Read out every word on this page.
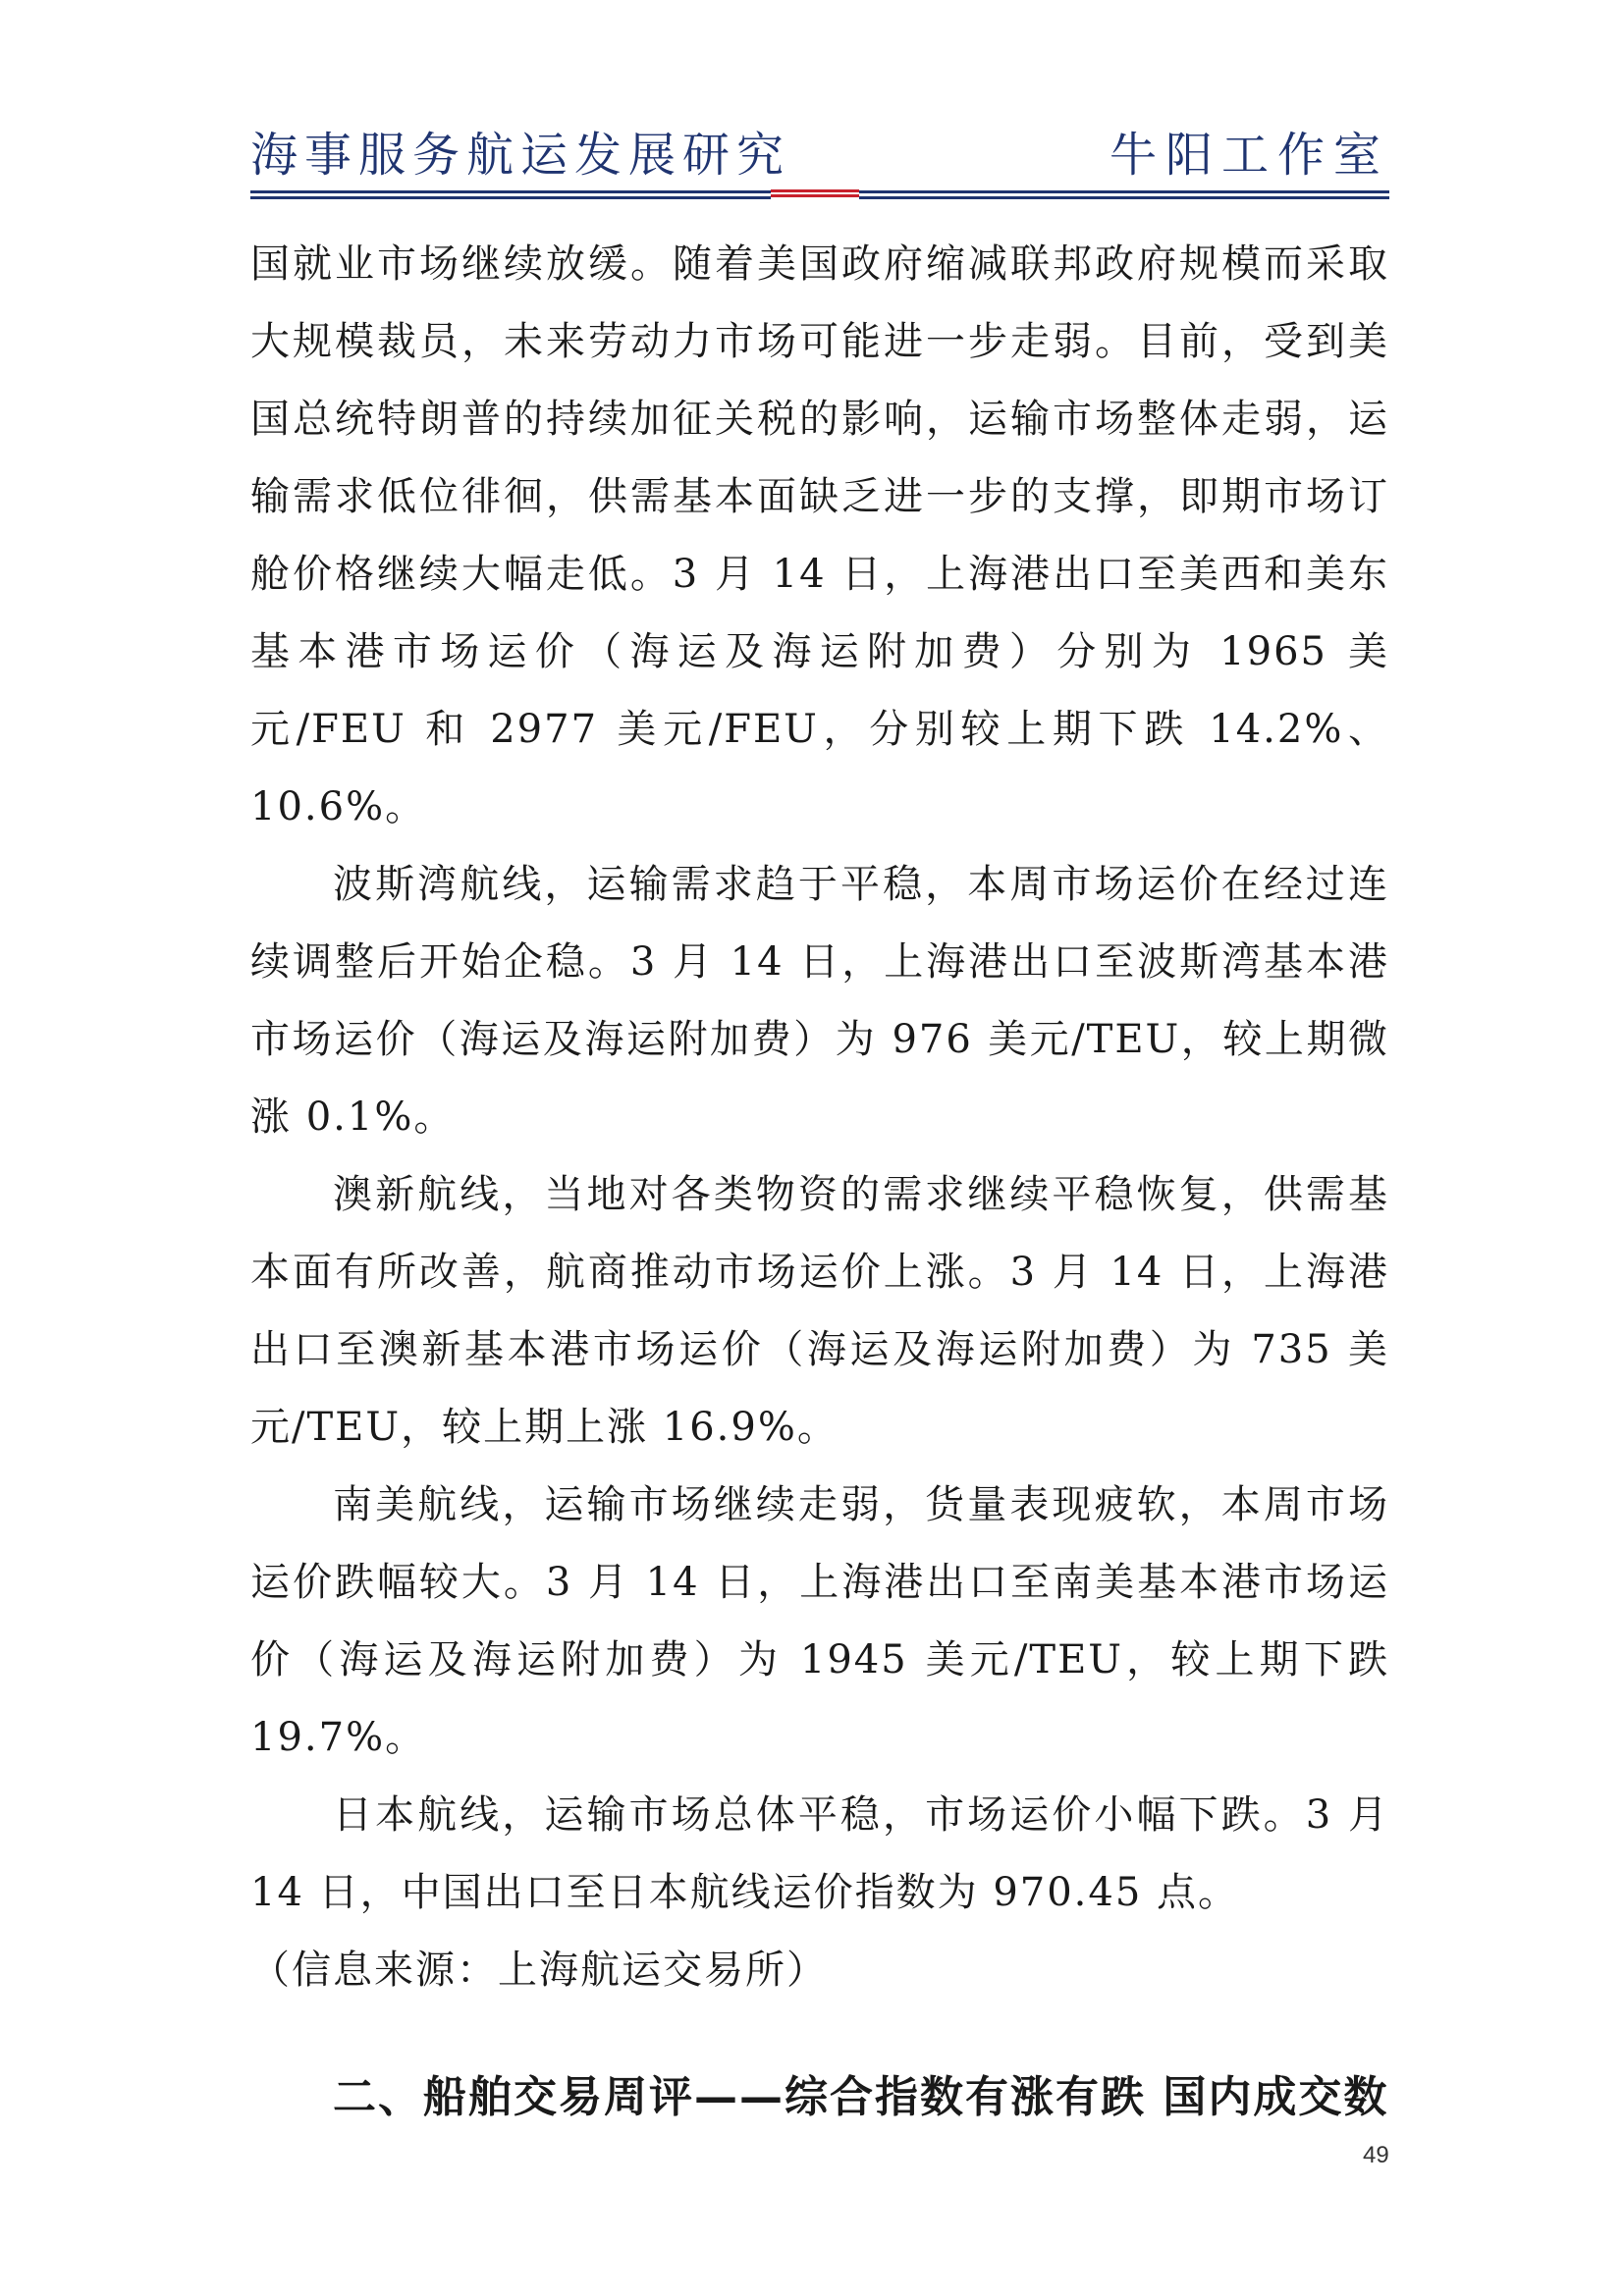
海事服务航运发展研究	牛阳工作室

国就业市场继续放缓。随着美国政府缩减联邦政府规模而采取大规模裁员，未来劳动力市场可能进一步走弱。目前，受到美国总统特朗普的持续加征关税的影响，运输市场整体走弱，运输需求低位徘徊，供需基本面缺乏进一步的支撑，即期市场订舱价格继续大幅走低。3 月 14 日，上海港出口至美西和美东基本港市场运价（海运及海运附加费）分别为 1965 美元/FEU 和 2977 美元/FEU，分别较上期下跌 14.2%、10.6%。

波斯湾航线，运输需求趋于平稳，本周市场运价在经过连续调整后开始企稳。3 月 14 日，上海港出口至波斯湾基本港市场运价（海运及海运附加费）为 976 美元/TEU，较上期微涨 0.1%。

澳新航线，当地对各类物资的需求继续平稳恢复，供需基本面有所改善，航商推动市场运价上涨。3 月 14 日，上海港出口至澳新基本港市场运价（海运及海运附加费）为 735 美元/TEU，较上期上涨 16.9%。

南美航线，运输市场继续走弱，货量表现疲软，本周市场运价跌幅较大。3 月 14 日，上海港出口至南美基本港市场运价（海运及海运附加费）为 1945 美元/TEU，较上期下跌 19.7%。

日本航线，运输市场总体平稳，市场运价小幅下跌。3 月 14 日，中国出口至日本航线运价指数为 970.45 点。

（信息来源：上海航运交易所）

二、船舶交易周评——综合指数有涨有跌 国内成交数

49
